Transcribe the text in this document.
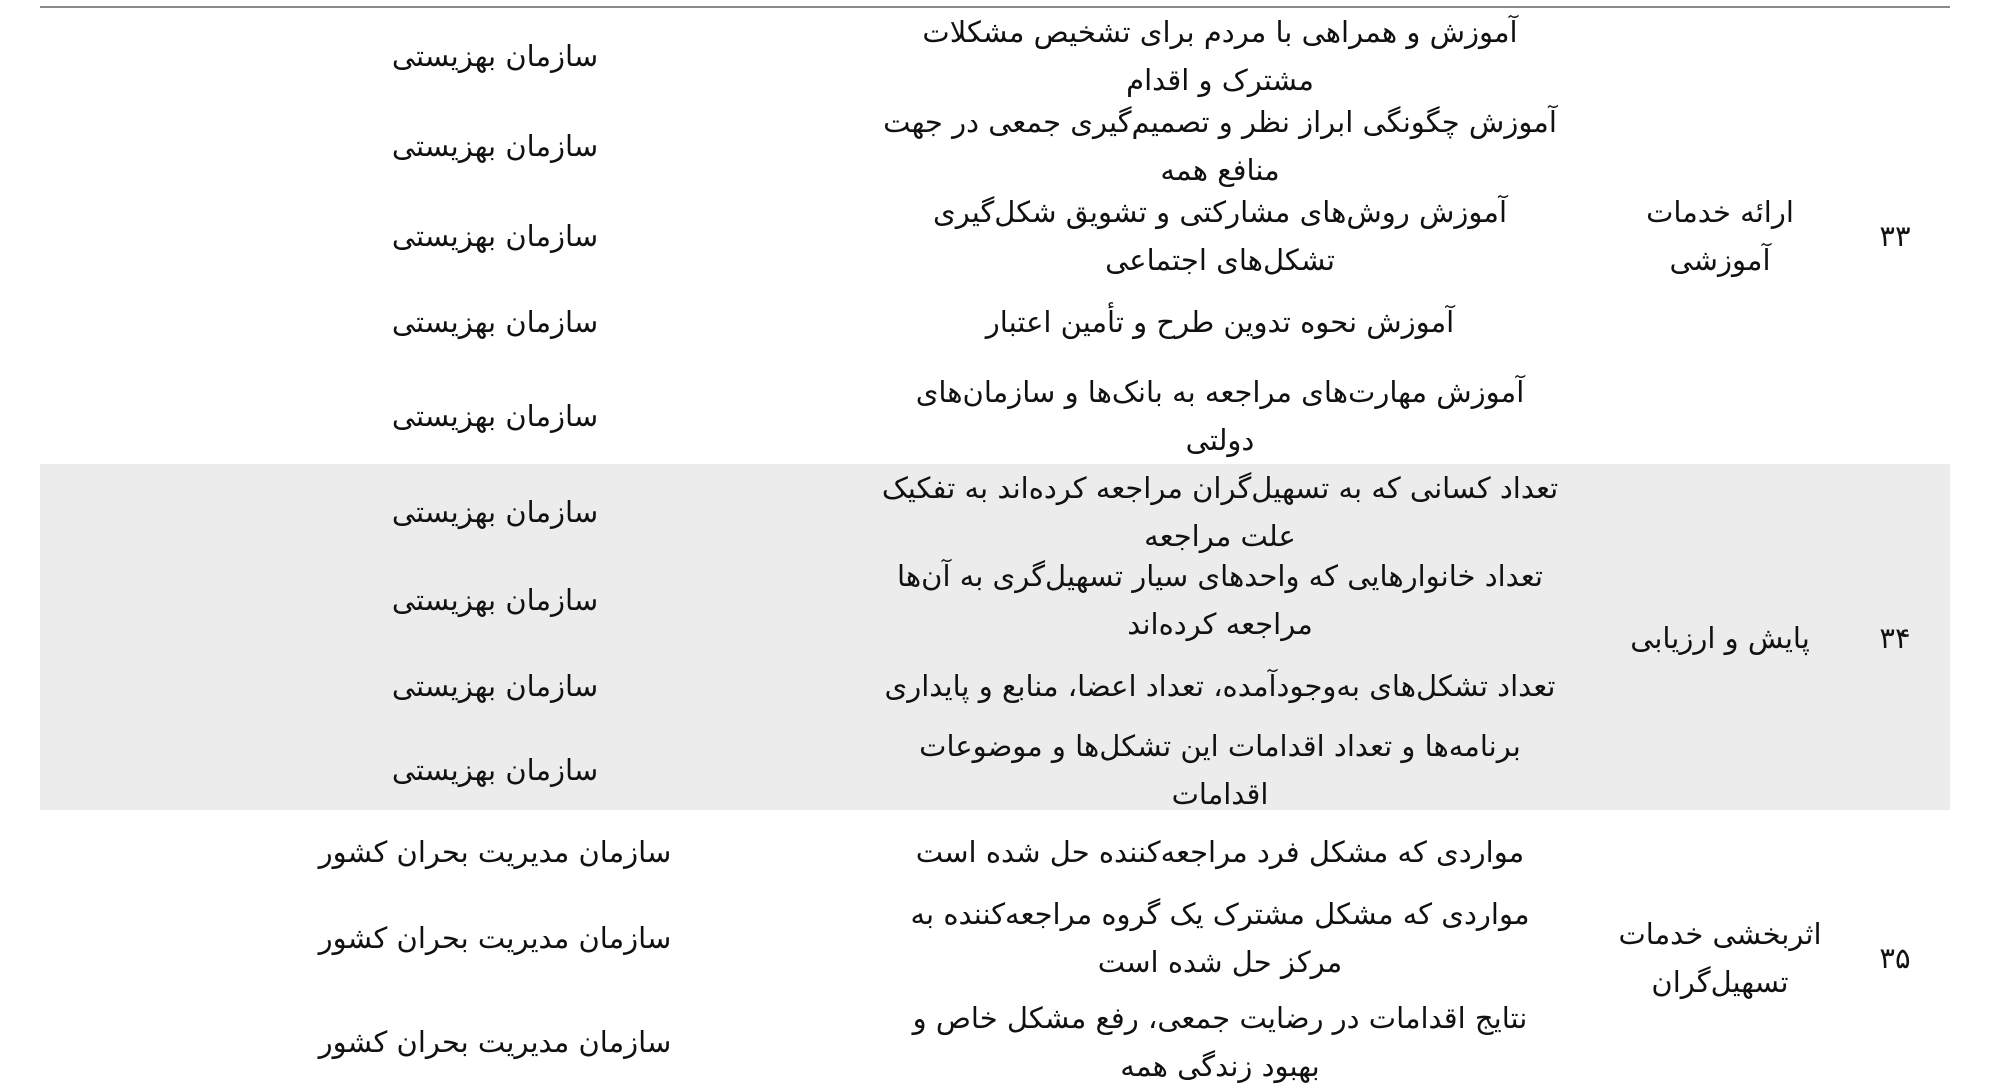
۳۳
ارائه خدمات آموزشی
آموزش و همراهی با مردم برای تشخیص مشکلات مشترک و اقدام
سازمان بهزیستی
آموزش چگونگی ابراز نظر و تصمیم‌گیری جمعی در جهت منافع همه
سازمان بهزیستی
آموزش روش‌های مشارکتی و تشویق شکل‌گیری تشکل‌های اجتماعی
سازمان بهزیستی
آموزش نحوه تدوین طرح و تأمین اعتبار
سازمان بهزیستی
آموزش مهارت‌های مراجعه به بانک‌ها و سازمان‌های دولتی
سازمان بهزیستی
۳۴
پایش و ارزیابی
تعداد کسانی که به تسهیل‌گران مراجعه کرده‌اند به تفکیک علت مراجعه
سازمان بهزیستی
تعداد خانوارهایی که واحدهای سیار تسهیل‌گری به آن‌ها مراجعه کرده‌اند
سازمان بهزیستی
تعداد تشکل‌های به‌وجودآمده، تعداد اعضا، منابع و پایداری
سازمان بهزیستی
برنامه‌ها و تعداد اقدامات این تشکل‌ها و موضوعات اقدامات
سازمان بهزیستی
۳۵
اثربخشی خدمات تسهیل‌گران
مواردی که مشکل فرد مراجعه‌کننده حل شده است
سازمان مدیریت بحران کشور
مواردی که مشکل مشترک یک گروه مراجعه‌کننده به مرکز حل شده است
سازمان مدیریت بحران کشور
نتایج اقدامات در رضایت جمعی، رفع مشکل خاص و بهبود زندگی همه
سازمان مدیریت بحران کشور
